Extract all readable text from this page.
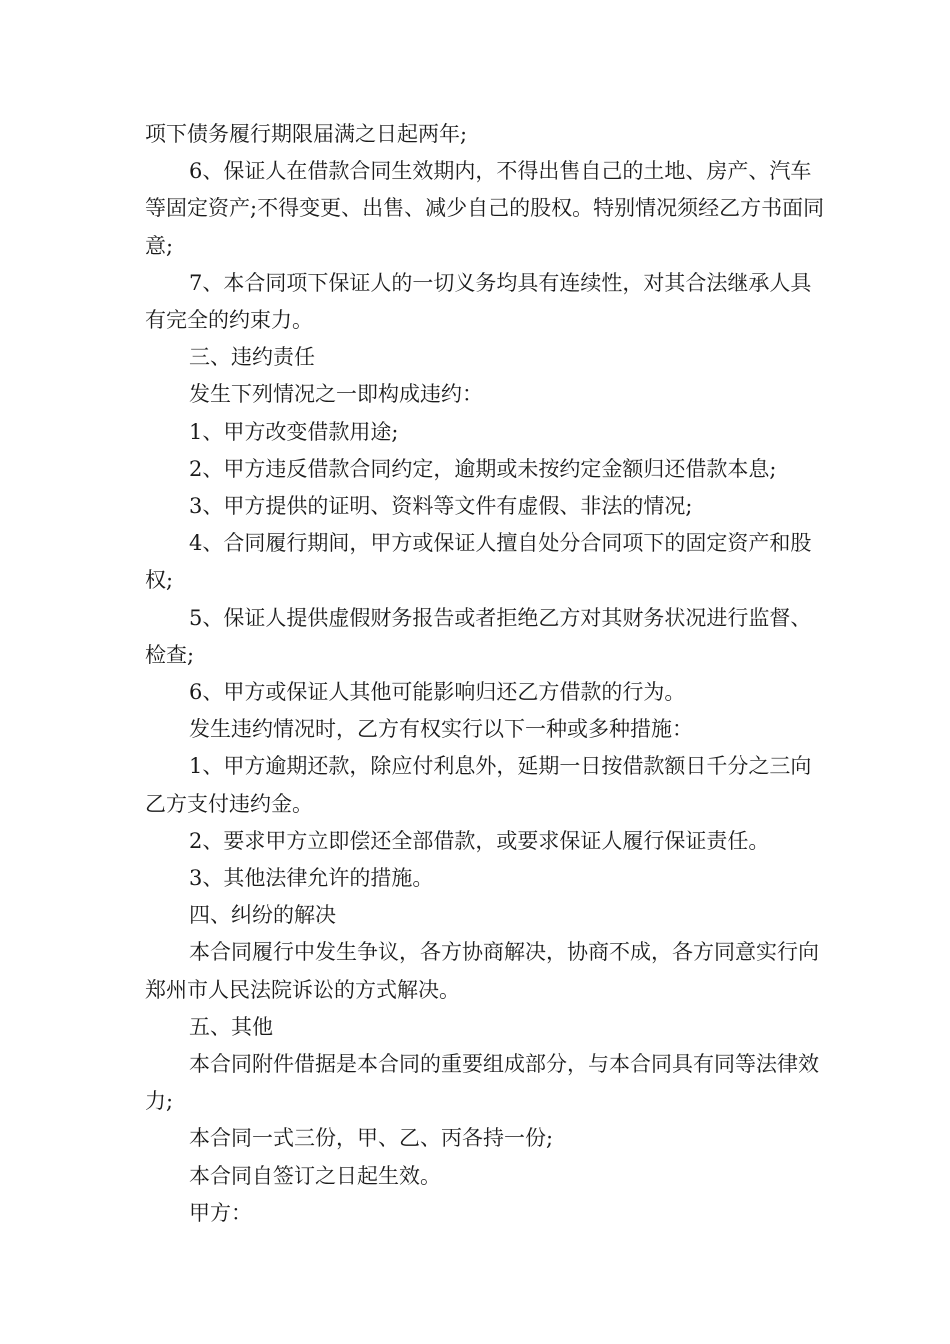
项下债务履行期限届满之日起两年;

6、保证人在借款合同生效期内，不得出售自己的土地、房产、汽车等固定资产;不得变更、出售、减少自己的股权。特别情况须经乙方书面同意;

7、本合同项下保证人的一切义务均具有连续性，对其合法继承人具有完全的约束力。

三、违约责任

发生下列情况之一即构成违约：

1、甲方改变借款用途;

2、甲方违反借款合同约定，逾期或未按约定金额归还借款本息;

3、甲方提供的证明、资料等文件有虚假、非法的情况;

4、合同履行期间，甲方或保证人擅自处分合同项下的固定资产和股权;

5、保证人提供虚假财务报告或者拒绝乙方对其财务状况进行监督、检查;

6、甲方或保证人其他可能影响归还乙方借款的行为。

发生违约情况时，乙方有权实行以下一种或多种措施：

1、甲方逾期还款，除应付利息外，延期一日按借款额日千分之三向乙方支付违约金。

2、要求甲方立即偿还全部借款，或要求保证人履行保证责任。

3、其他法律允许的措施。

四、纠纷的解决

本合同履行中发生争议，各方协商解决，协商不成，各方同意实行向郑州市人民法院诉讼的方式解决。

五、其他

本合同附件借据是本合同的重要组成部分，与本合同具有同等法律效力;

本合同一式三份，甲、乙、丙各持一份;

本合同自签订之日起生效。

甲方：
